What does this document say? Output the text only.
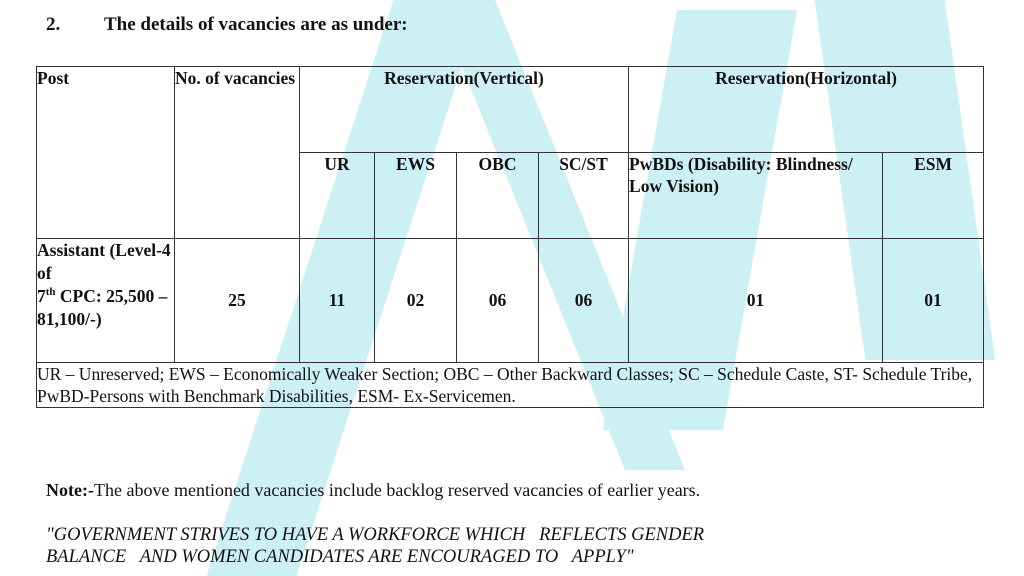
2. The details of vacancies are as under:
Post	No. of vacancies	Reservation(Vertical)				Reservation(Horizontal)	
		UR	EWS	OBC	SC/ST	PwBDs (Disability: Blindness/ Low Vision)	ESM
Assistant (Level-4 of
7th CPC: 25,500 – 81,100/-)	25	11	02	06	06	01	01
UR – Unreserved; EWS – Economically Weaker Section; OBC – Other Backward Classes; SC – Schedule Caste, ST- Schedule Tribe, PwBD-Persons with Benchmark Disabilities, ESM- Ex-Servicemen.							
Note:-The above mentioned vacancies include backlog reserved vacancies of earlier years.
"GOVERNMENT STRIVES TO HAVE A WORKFORCE WHICH   REFLECTS GENDER
BALANCE   AND WOMEN CANDIDATES ARE ENCOURAGED TO   APPLY"
